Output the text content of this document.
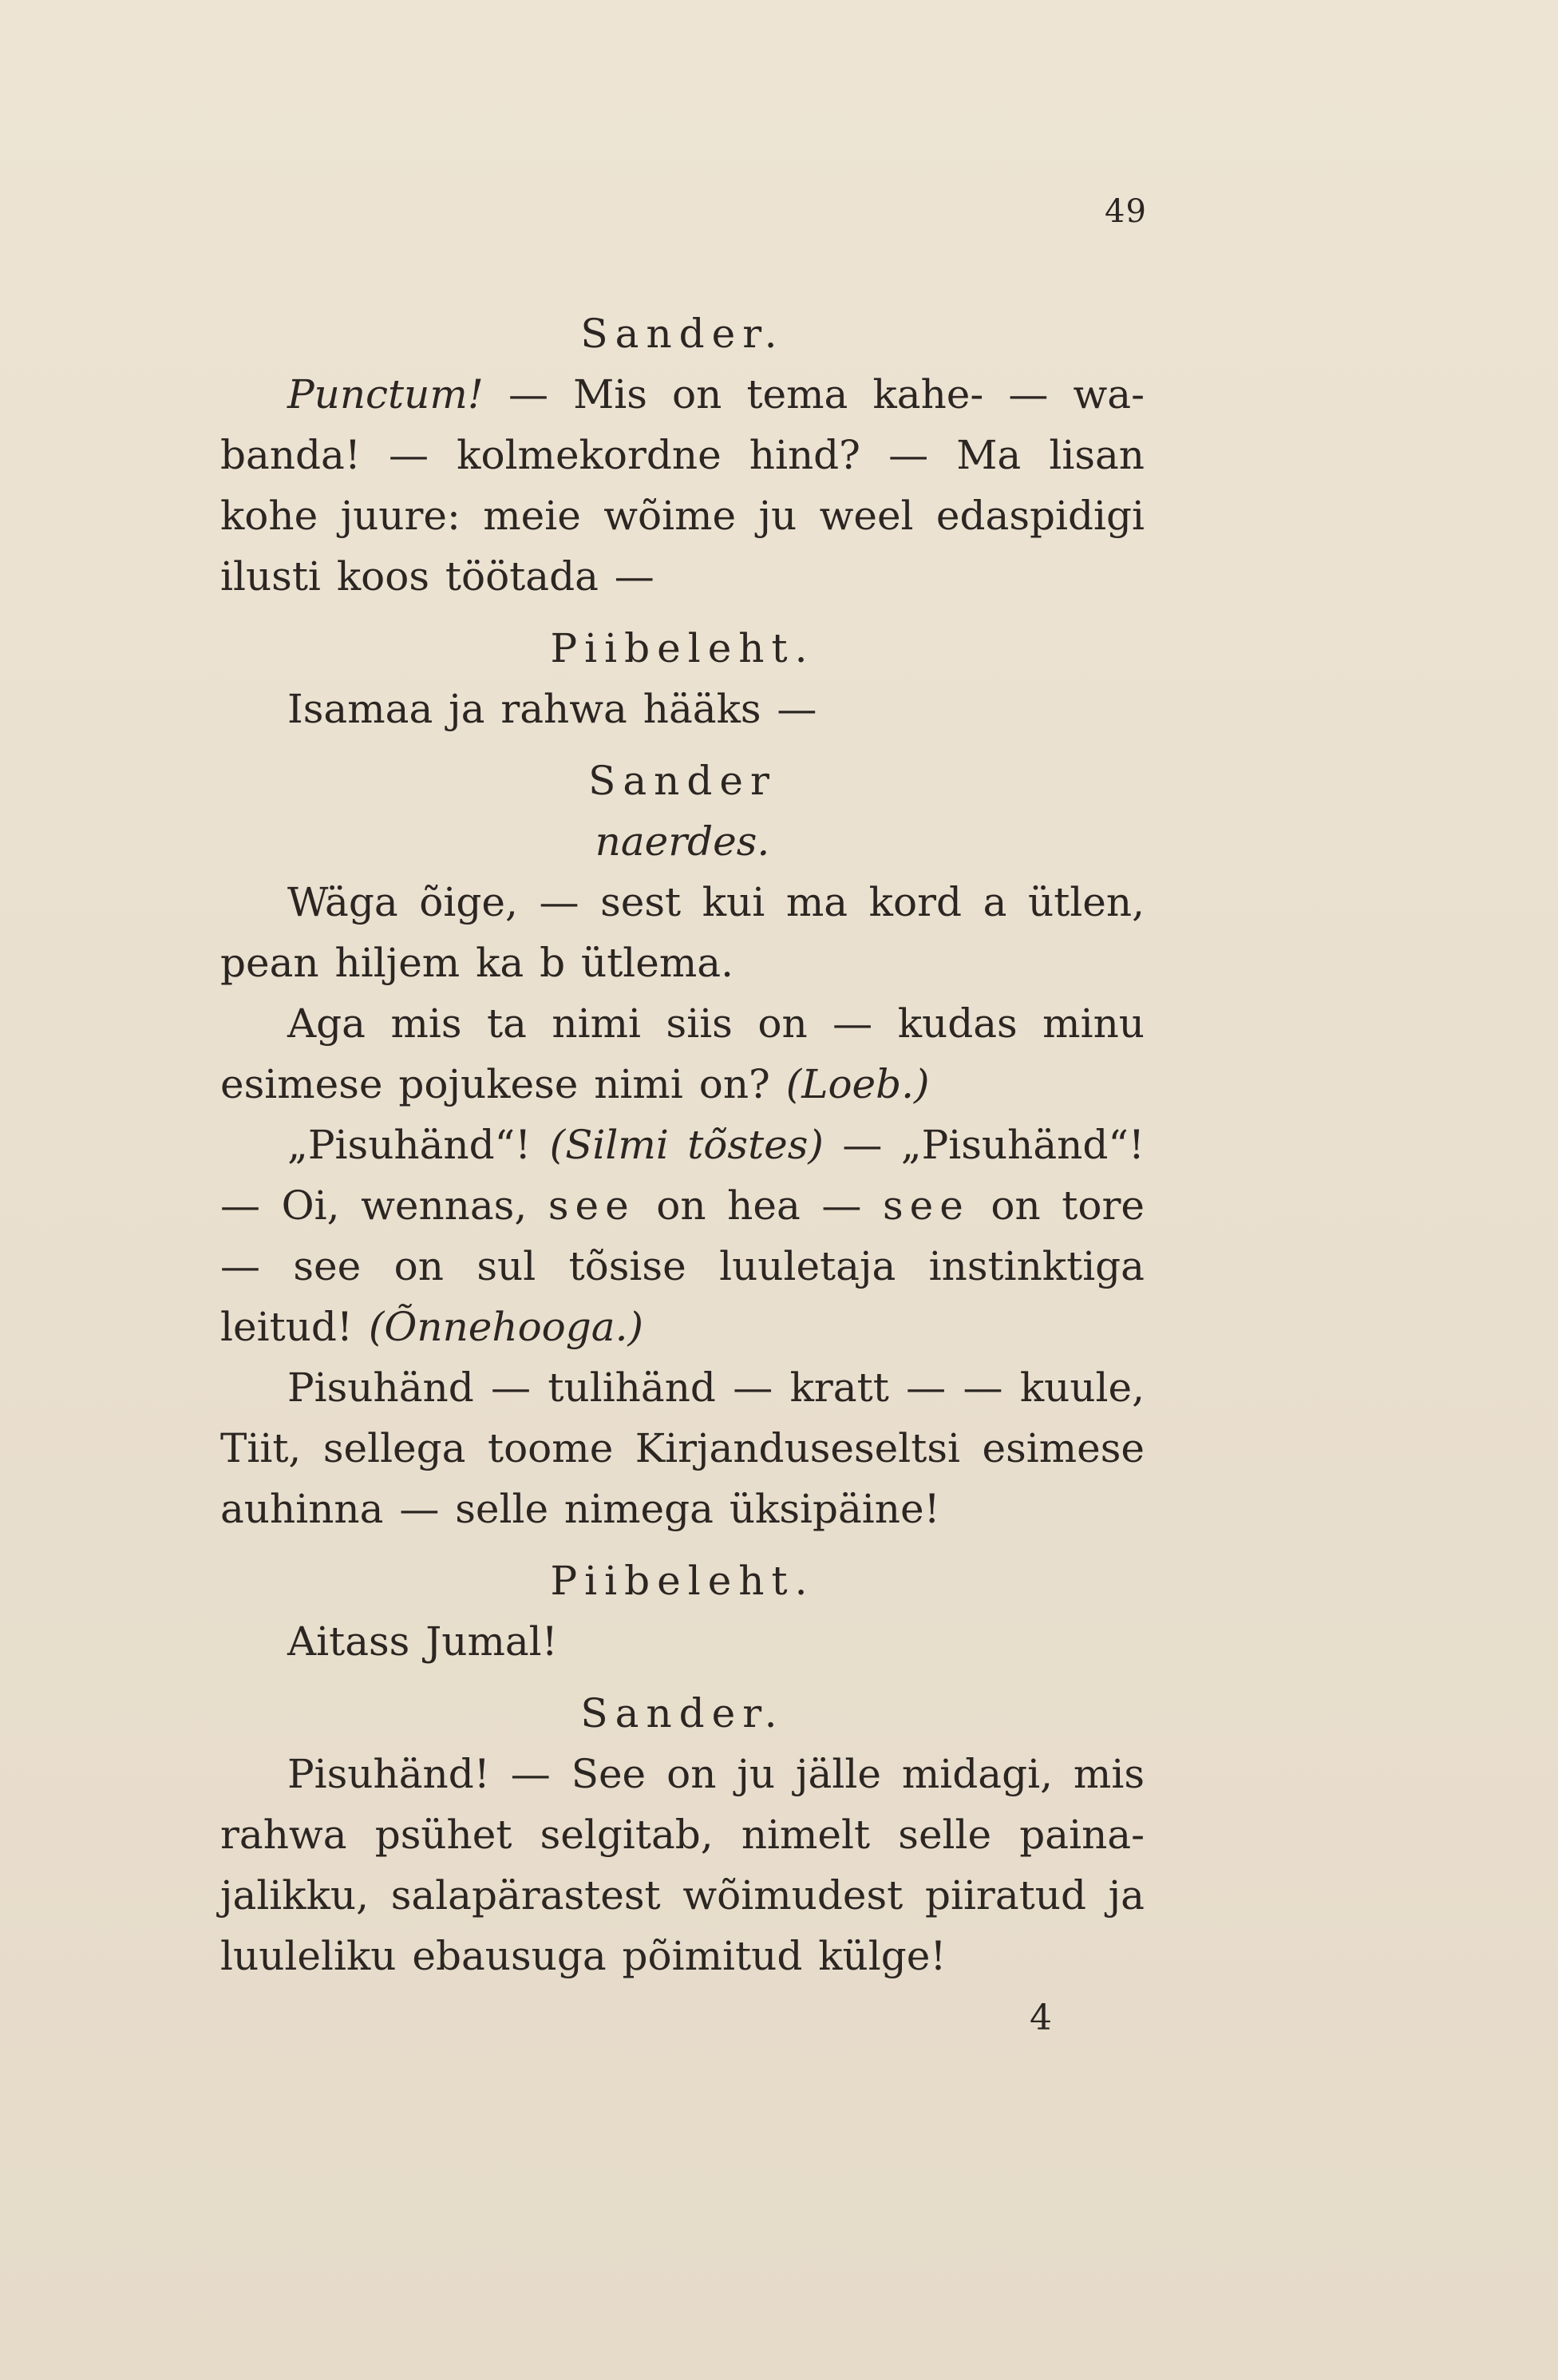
49
Sander.

Punctum! — Mis on tema kahe- — wabanda! — kolmekordne hind? — Ma lisan kohe juure: meie wõime ju weel edaspidigi ilusti koos töötada —

Piibeleht.

Isamaa ja rahwa hääks —

Sander
naerdes.

Wäga õige, — sest kui ma kord a ütlen, pean hiljem ka b ütlema.

Aga mis ta nimi siis on — kudas minu esimese pojukese nimi on? (Loeb.)

„Pisuhänd“! (Silmi tõstes) — „Pisuhänd“! — Oi, wennas, see on hea — see on tore — see on sul tõsise luuletaja instinktiga leitud! (Õnnehooga.)

Pisuhänd — tulihänd — kratt — — kuule, Tiit, sellega toome Kirjanduseseltsi esimese auhinna — selle nimega üksipäine!

Piibeleht.

Aitass Jumal!

Sander.

Pisuhänd! — See on ju jälle midagi, mis rahwa psühet selgitab, nimelt selle painajalikku, salapärastest wõimudest piiratud ja luuleliku ebausuga põimitud külge!

4
